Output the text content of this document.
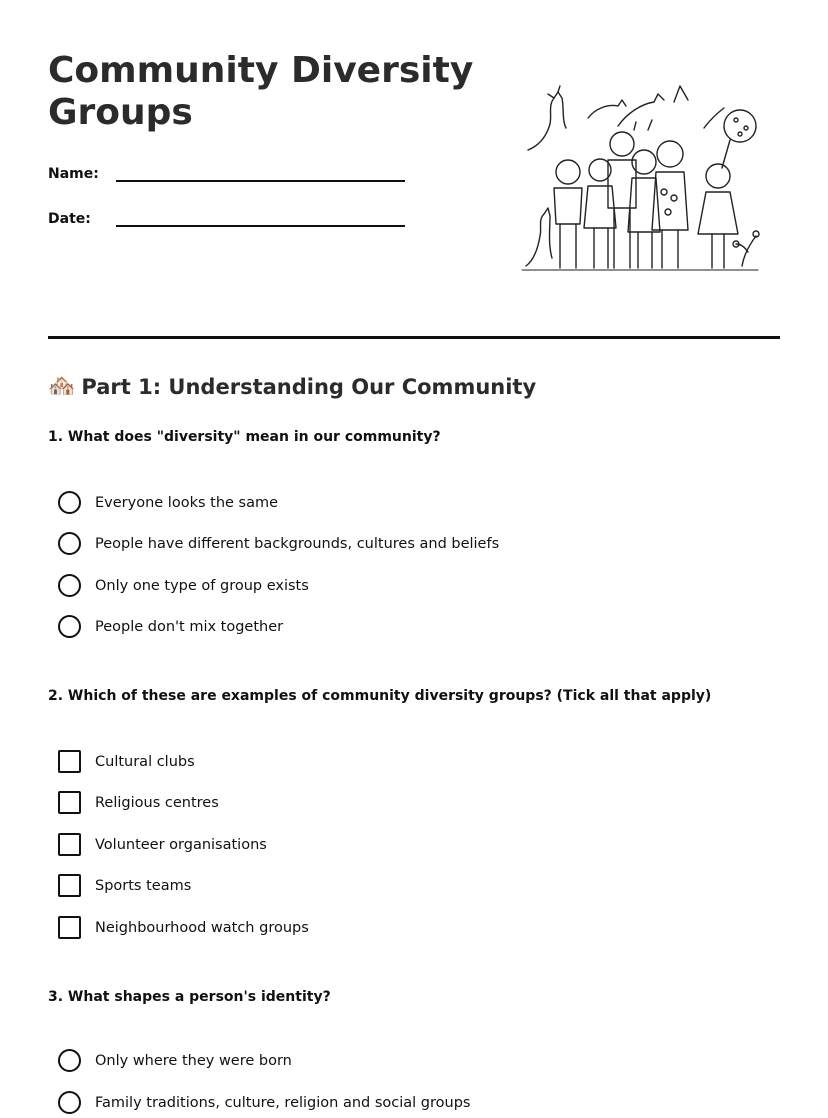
Community Diversity Groups
Name:
Date:
🏘️ Part 1: Understanding Our Community
1. What does "diversity" mean in our community?
Everyone looks the same
People have different backgrounds, cultures and beliefs
Only one type of group exists
People don't mix together
2. Which of these are examples of community diversity groups? (Tick all that apply)
Cultural clubs
Religious centres
Volunteer organisations
Sports teams
Neighbourhood watch groups
3. What shapes a person's identity?
Only where they were born
Family traditions, culture, religion and social groups
